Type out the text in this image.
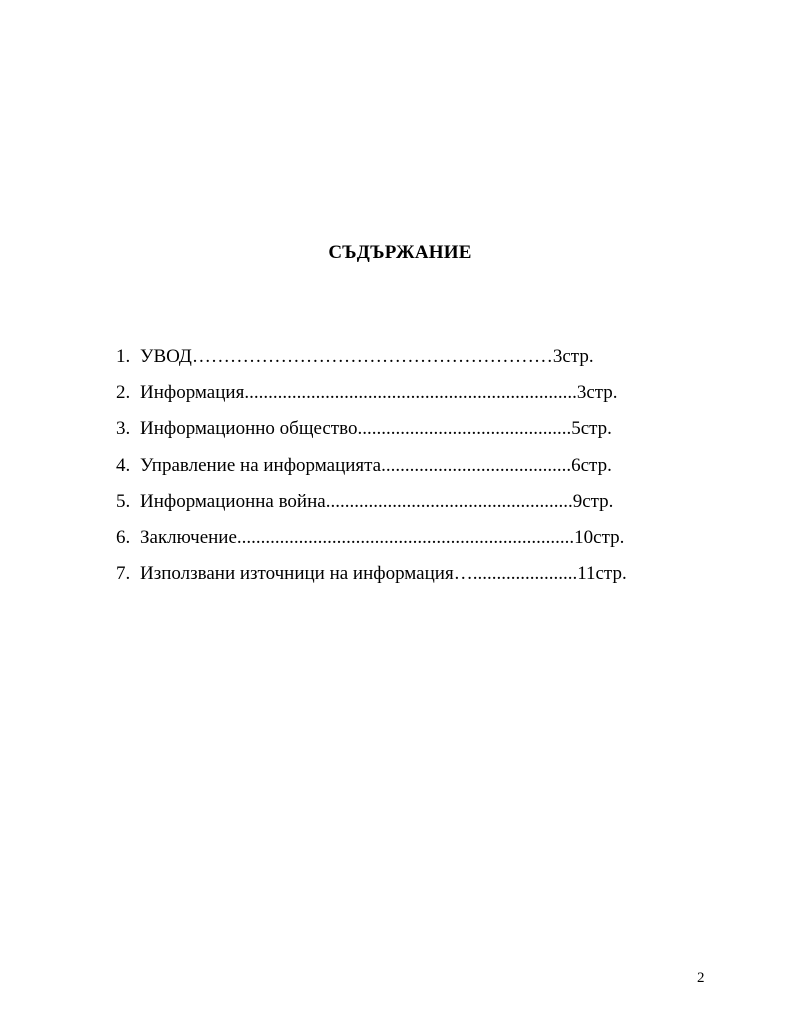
СЪДЪРЖАНИЕ
1. УВОД…………………………………………………3стр.
2. Информация......................................................................3стр.
3. Информационно общество.............................................5стр.
4. Управление на информацията........................................6стр.
5. Информационна война....................................................9стр.
6. Заключение.......................................................................10стр.
7. Използвани източници на информация…......................11стр.
2
